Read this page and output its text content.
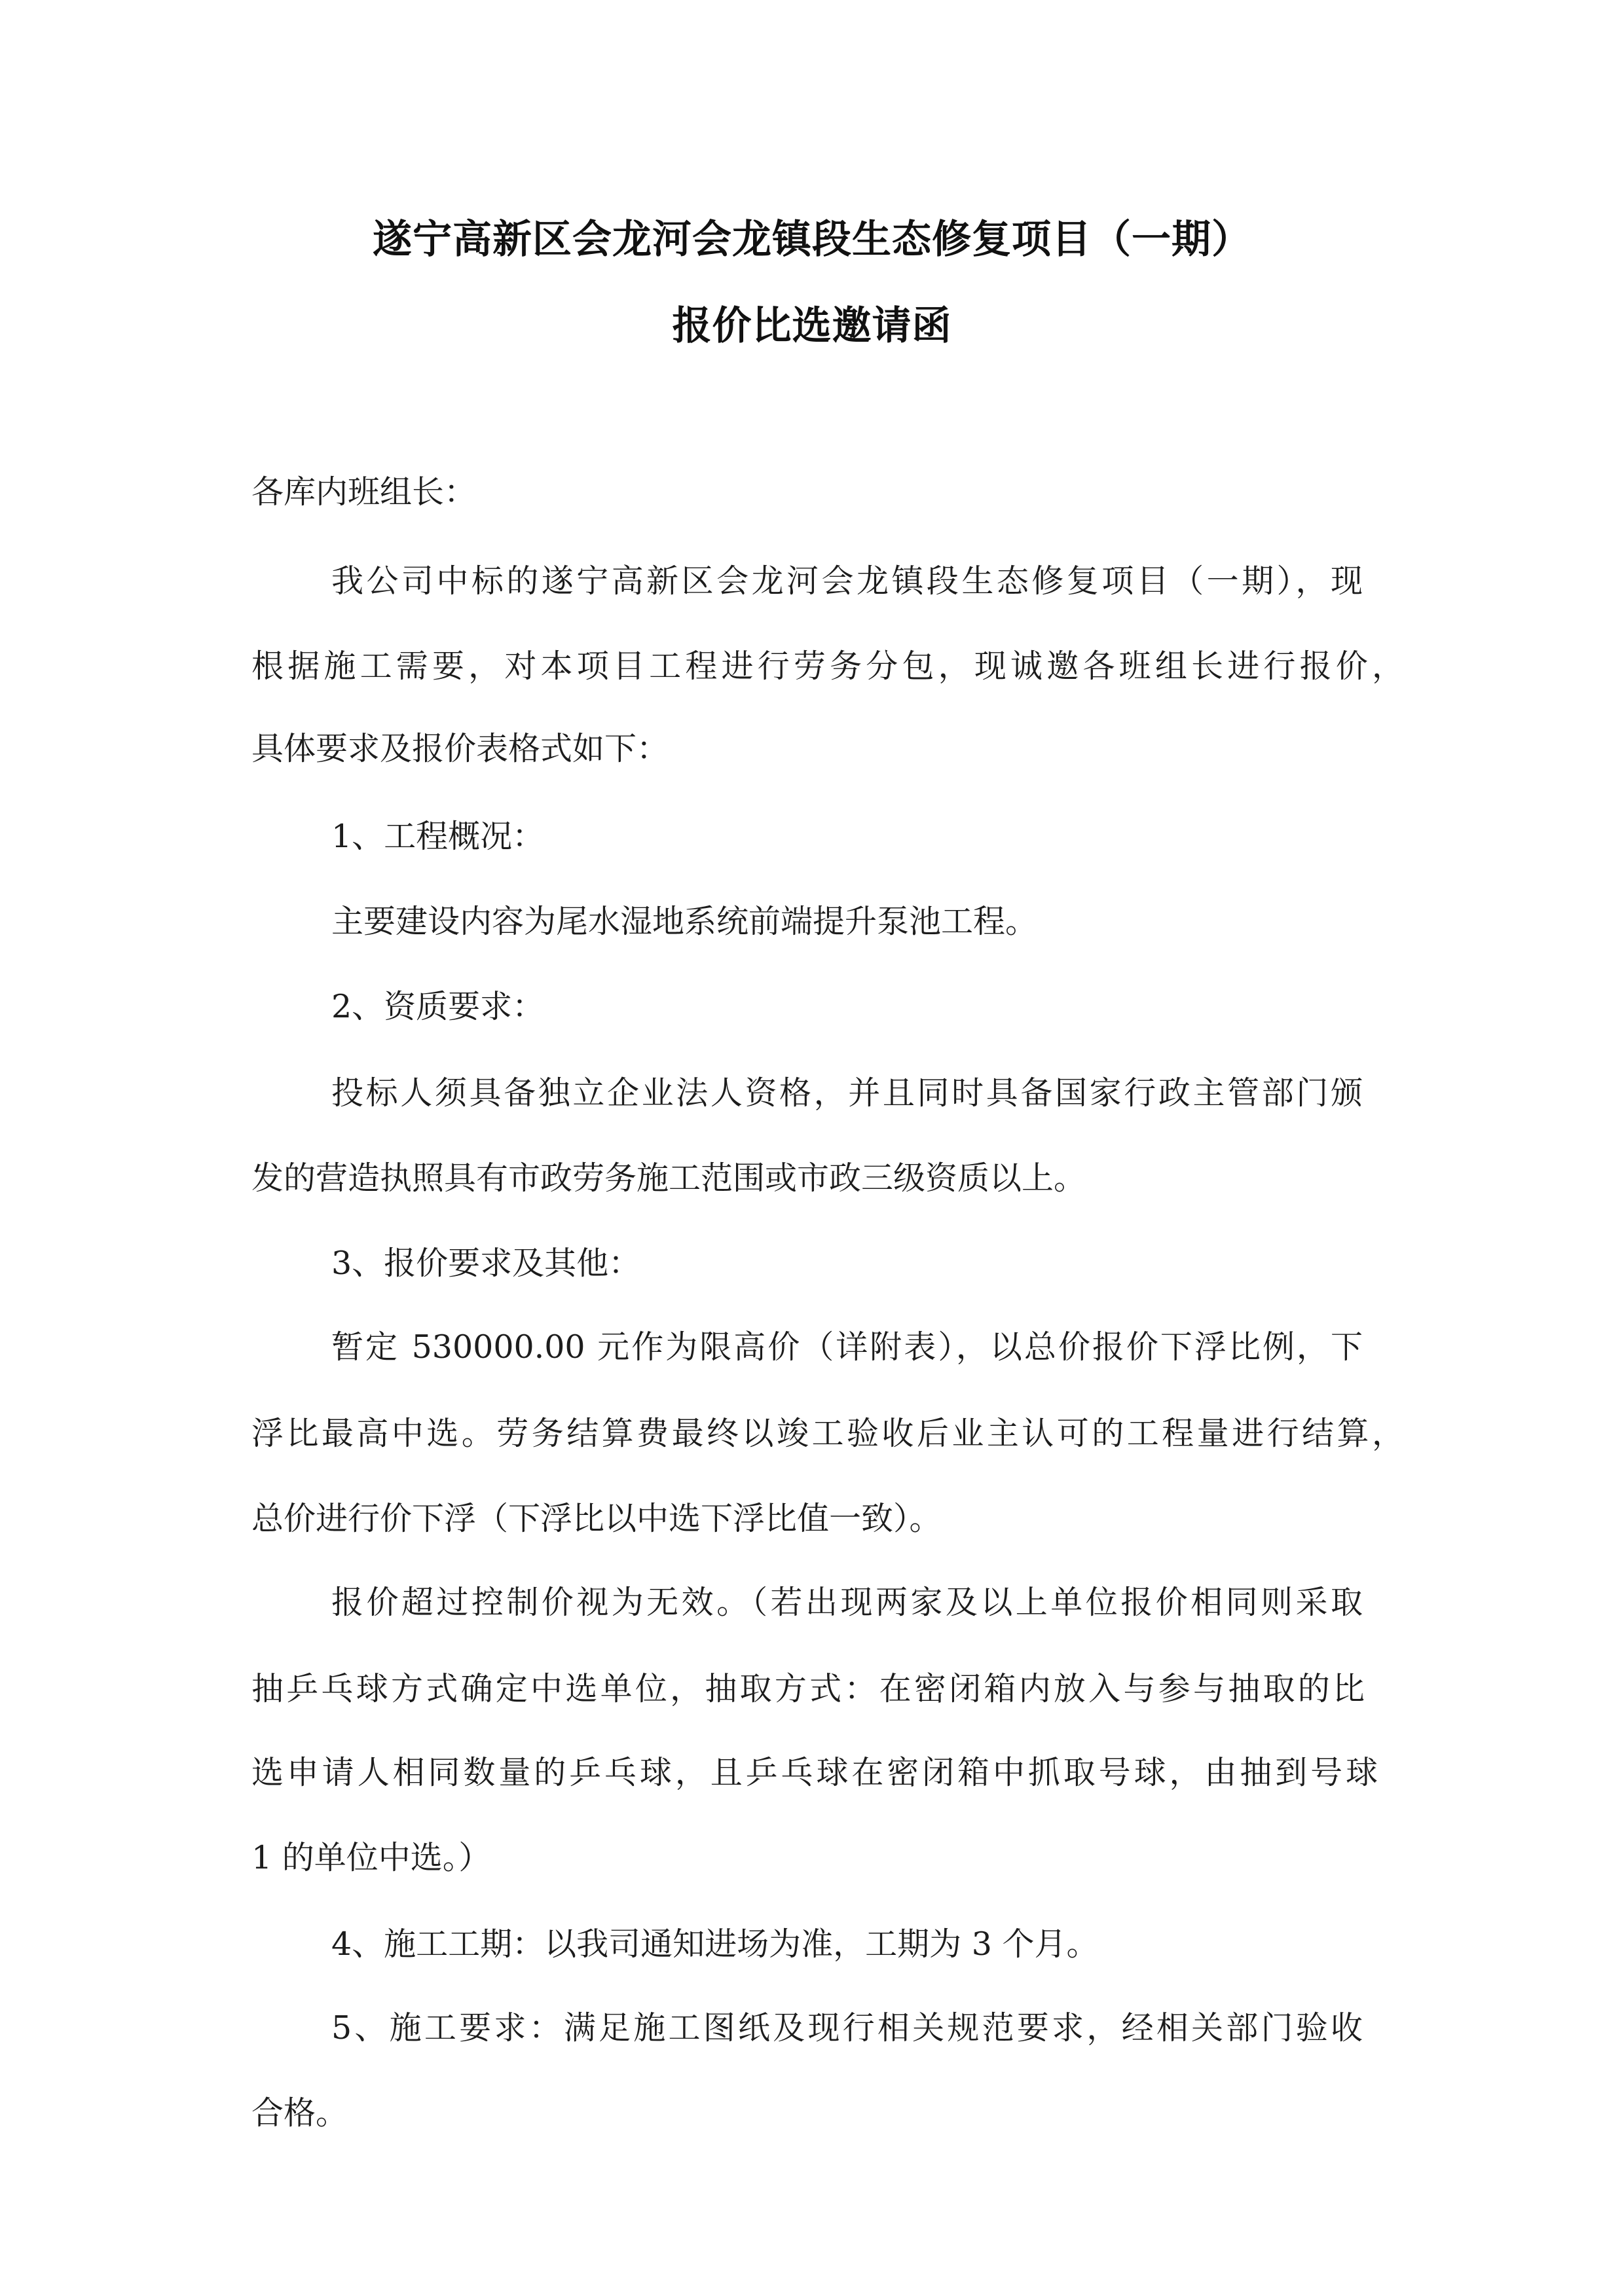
遂宁高新区会龙河会龙镇段生态修复项目（一期）
报价比选邀请函
各库内班组长：
我公司中标的遂宁高新区会龙河会龙镇段生态修复项目（一期），现
根据施工需要，对本项目工程进行劳务分包，现诚邀各班组长进行报价，
具体要求及报价表格式如下：
1、工程概况：
主要建设内容为尾水湿地系统前端提升泵池工程。
2、资质要求：
投标人须具备独立企业法人资格，并且同时具备国家行政主管部门颁
发的营造执照具有市政劳务施工范围或市政三级资质以上。
3、报价要求及其他：
暂定 530000.00 元作为限高价（详附表），以总价报价下浮比例，下
浮比最高中选。劳务结算费最终以竣工验收后业主认可的工程量进行结算，
总价进行价下浮（下浮比以中选下浮比值一致）。
报价超过控制价视为无效。（若出现两家及以上单位报价相同则采取
抽乒乓球方式确定中选单位，抽取方式：在密闭箱内放入与参与抽取的比
选申请人相同数量的乒乓球，且乒乓球在密闭箱中抓取号球，由抽到号球
1 的单位中选。）
4、施工工期：以我司通知进场为准，工期为 3 个月。
5、施工要求：满足施工图纸及现行相关规范要求，经相关部门验收
合格。
